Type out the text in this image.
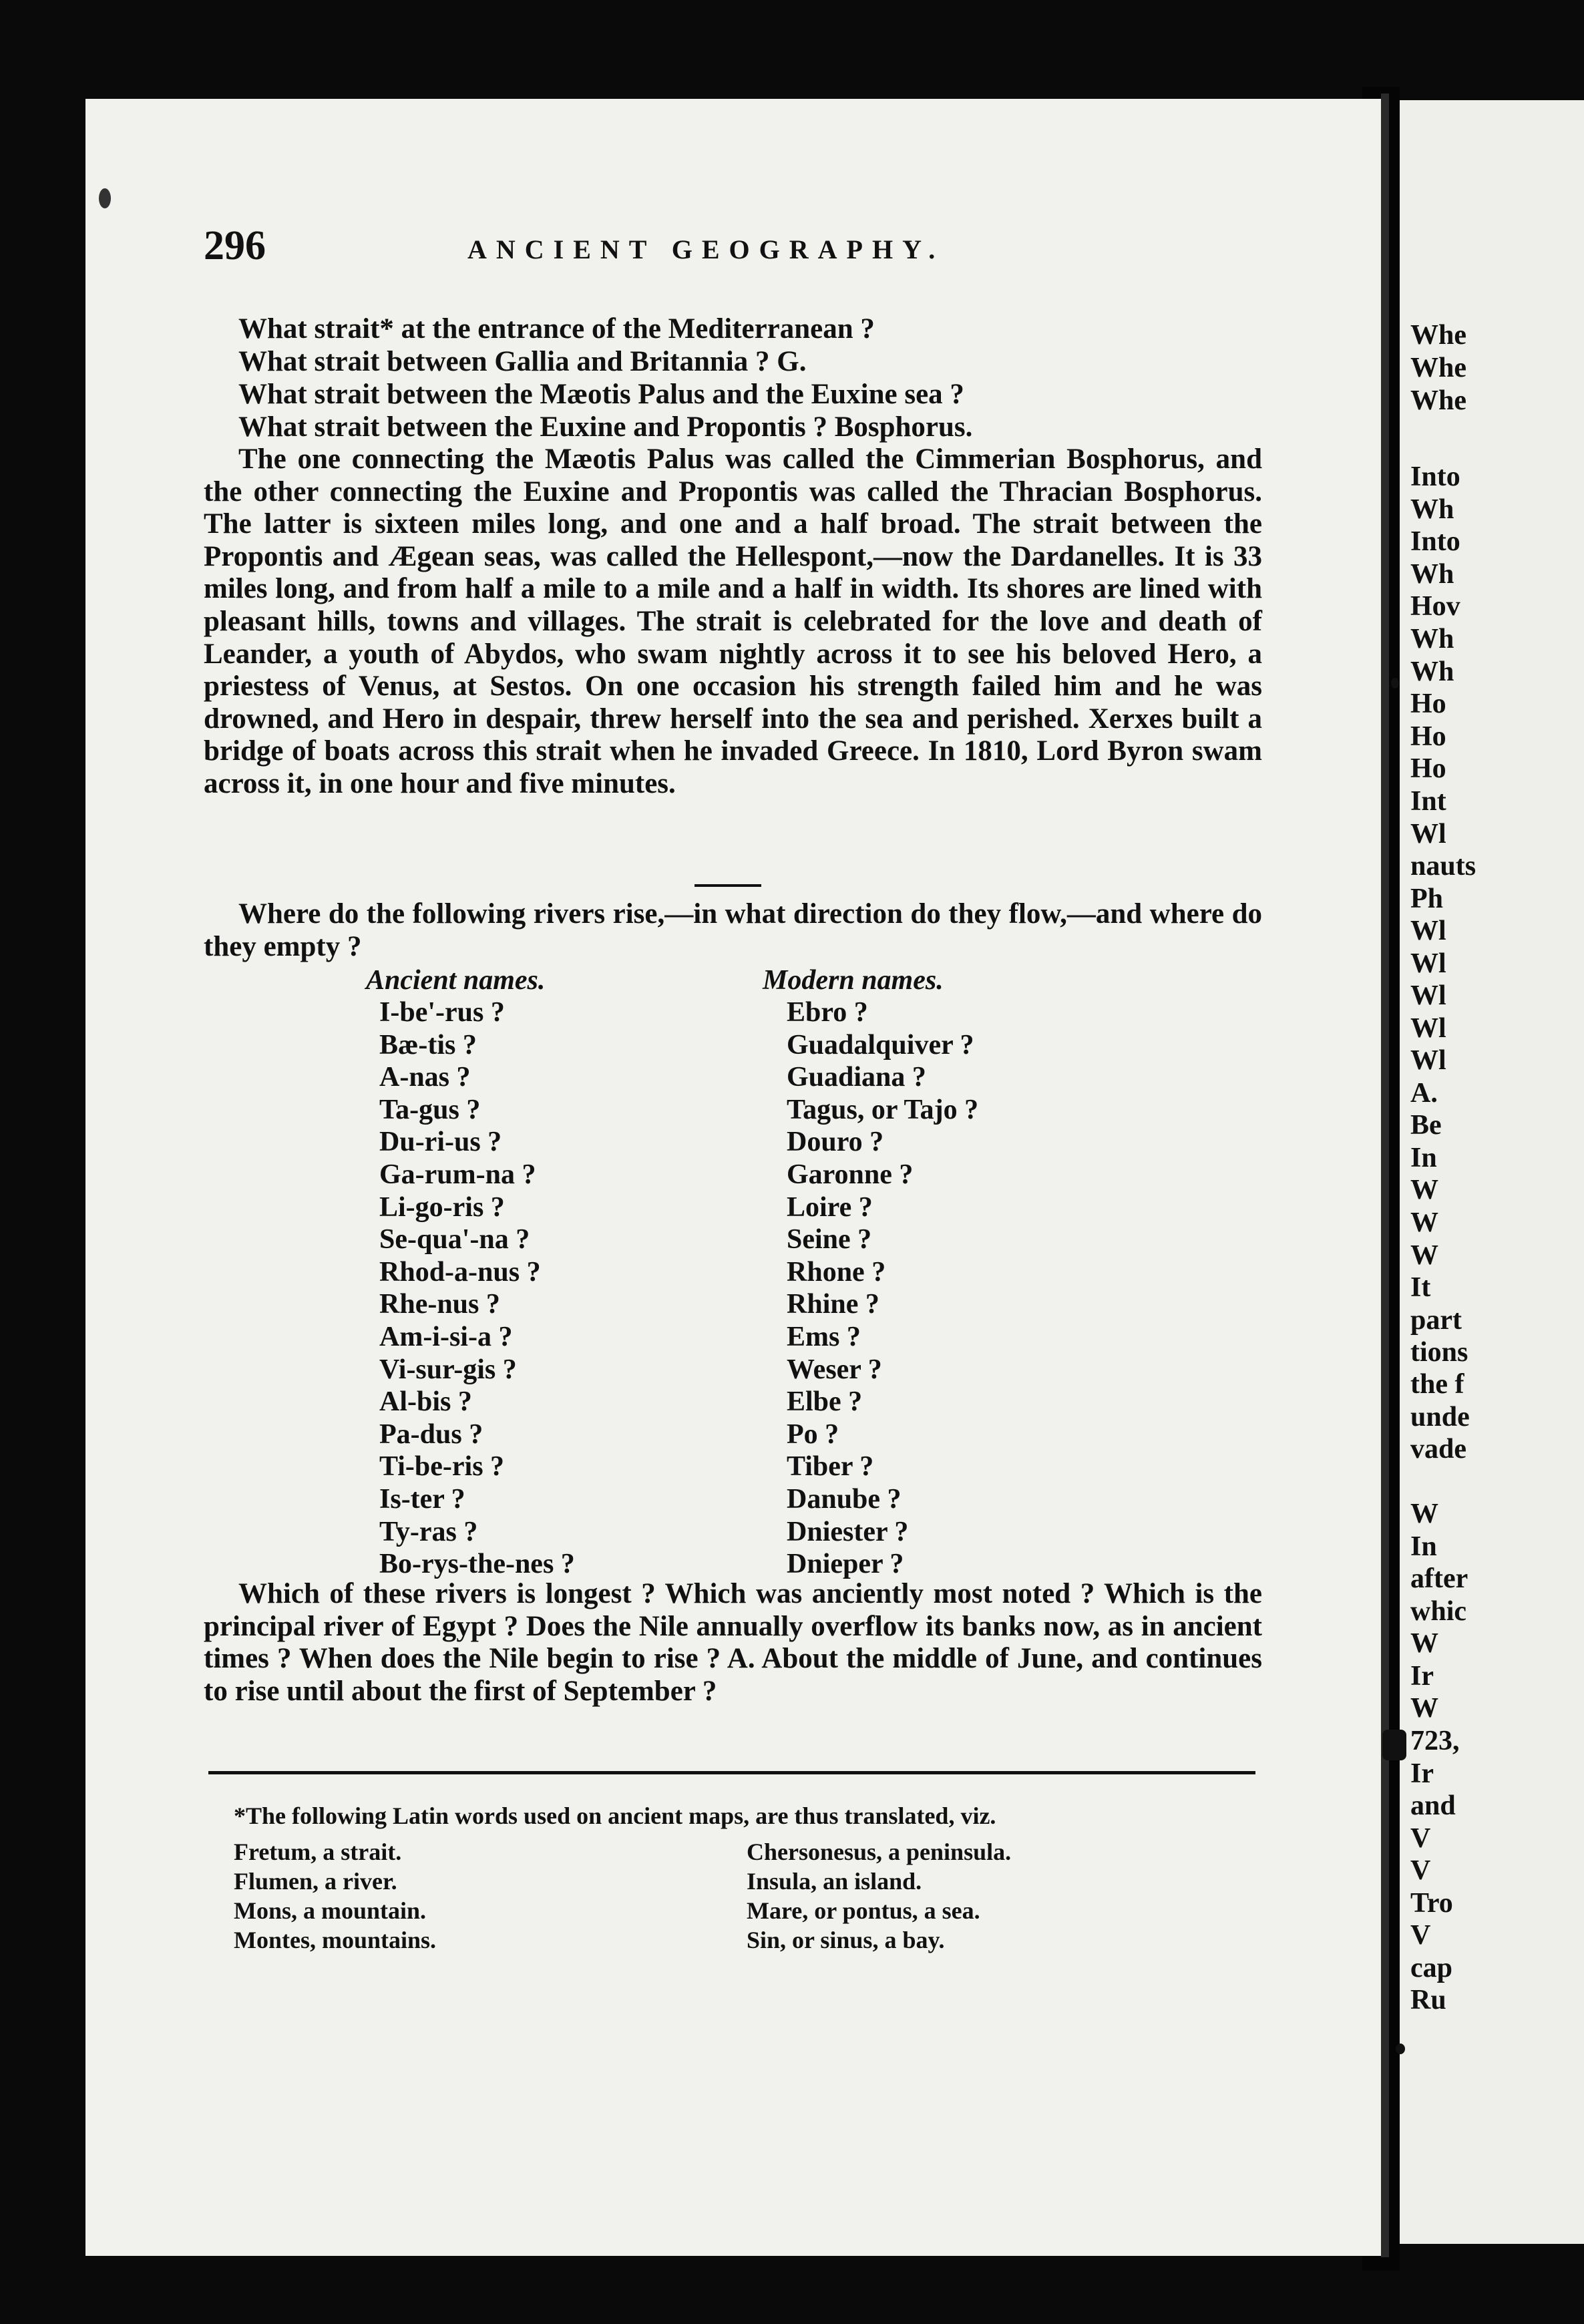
296	ANCIENT GEOGRAPHY.
What strait* at the entrance of the Mediterranean ?
What strait between Gallia and Britannia ? G.
What strait between the Mæotis Palus and the Euxine sea ?
What strait between the Euxine and Propontis ? Bosphorus.
The one connecting the Mæotis Palus was called the Cimmerian Bosphorus, and the other connecting the Euxine and Propontis was called the Thracian Bosphorus. The latter is sixteen miles long, and one and a half broad. The strait between the Propontis and Ægean seas, was called the Hellespont,—now the Dardanelles. It is 33 miles long, and from half a mile to a mile and a half in width. Its shores are lined with pleasant hills, towns and villages. The strait is celebrated for the love and death of Leander, a youth of Abydos, who swam nightly across it to see his beloved Hero, a priestess of Venus, at Sestos. On one occasion his strength failed him and he was drowned, and Hero in despair, threw herself into the sea and perished. Xerxes built a bridge of boats across this strait when he invaded Greece. In 1810, Lord Byron swam across it, in one hour and five minutes.
Where do the following rivers rise,—in what direction do they flow,—and where do they empty ?
Ancient names.	Modern names.
I-be'-rus ?
Bæ-tis ?
A-nas ?
Ta-gus ?
Du-ri-us ?
Ga-rum-na ?
Li-go-ris ?
Se-qua'-na ?
Rhod-a-nus ?
Rhe-nus ?
Am-i-si-a ?
Vi-sur-gis ?
Al-bis ?
Pa-dus ?
Ti-be-ris ?
Is-ter ?
Ty-ras ?
Bo-rys-the-nes ?
Ebro ?
Guadalquiver ?
Guadiana ?
Tagus, or Tajo ?
Douro ?
Garonne ?
Loire ?
Seine ?
Rhone ?
Rhine ?
Ems ?
Weser ?
Elbe ?
Po ?
Tiber ?
Danube ?
Dniester ?
Dnieper ?
Which of these rivers is longest ? Which was anciently most noted ? Which is the principal river of Egypt ? Does the Nile annually overflow its banks now, as in ancient times ? When does the Nile begin to rise ? A. About the middle of June, and continues to rise until about the first of September ?
*The following Latin words used on ancient maps, are thus translated, viz.
Fretum, a strait.
Flumen, a river.
Mons, a mountain.
Montes, mountains.
Chersonesus, a peninsula.
Insula, an island.
Mare, or pontus, a sea.
Sin, or sinus, a bay.
Whe
Whe
Whe
Into
Wh
Into
Wh
Hov
Wh
Wh
Ho
Ho
Ho
Int
Wl
nauts
Ph
Wl
Wl
Wl
Wl
Wl
A.
Be
In
W
W
W
It
part
tions
the f
unde
vade
W
In
after
whic
W
Ir
W
723,
Ir
and
V
V
Tro
V
cap
Ru
